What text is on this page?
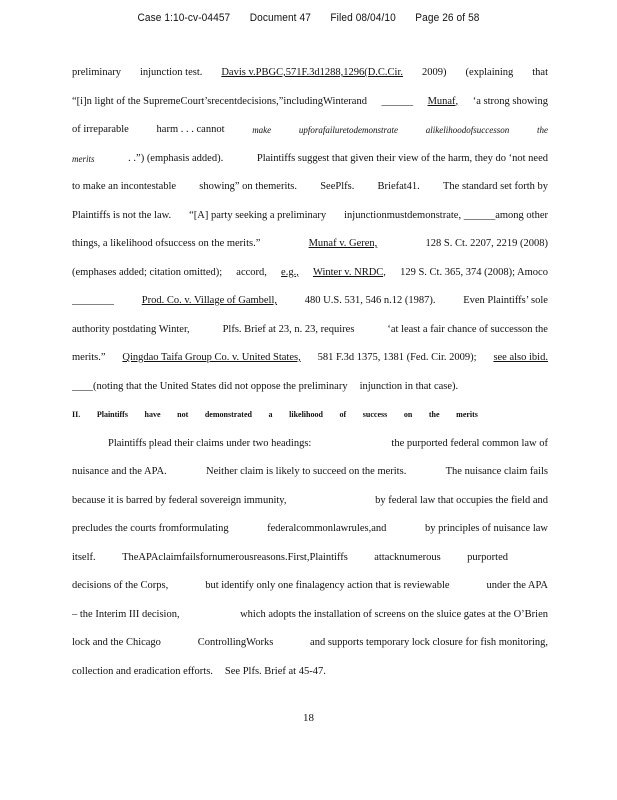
Case 1:10-cv-04457 Document 47 Filed 08/04/10 Page 26 of 58
preliminary injunction test. Davis v.PBGC,571F.3d1288,1296(D.C.Cir. 2009) (explaining that
“[i]n light of the SupremeCourt’srecentdecisions,”includingWinterand ______ Munaf, ‘a strong showing
of irreparable	harm . . . cannot	make	upforafailuretodemonstrate	alikelihoodofsuccesson	the
merits	. .”) (emphasis added).	Plaintiffs suggest that given their view of the harm, they do ‘not need
to make an incontestable showing” on themerits. SeePlfs. Briefat41. The standard set forth by
Plaintiffs is not the law. “[A] party seeking a preliminary injunctionmustdemonstrate, ______among other
things, a likelihood ofsuccess on the merits.”	Munaf v. Geren,	128 S. Ct. 2207, 2219 (2008)
(emphases added; citation omitted); accord, e.g., Winter v. NRDC, 129 S. Ct. 365, 374 (2008); Amoco
________	Prod. Co. v. Village of Gambell,	480 U.S. 531, 546 n.12 (1987).	Even Plaintiffs’ sole
authority postdating Winter,	Plfs. Brief at 23, n. 23, requires	‘at least a fair chance of successon the
merits.” Qingdao Taifa Group Co. v. United States, 581 F.3d 1375, 1381 (Fed. Cir. 2009); see also ibid.
____(noting that the United States did not oppose the preliminary injunction in that case).
II. Plaintiffs have not demonstrated a likelihood of success on the merits
Plaintiffs plead their claims under two headings:	the purported federal common law of
nuisance and the APA.	Neither claim is likely to succeed on the merits.	The nuisance claim fails
because it is barred by federal sovereign immunity,	by federal law that occupies the field and
precludes the courts fromformulating	federalcommonlawrules,and	by principles of nuisance law
itself.	TheAPAclaimfailsfornumerousreasons.First,Plaintiffs	attacknumerous	purported
decisions of the Corps,	but identify only one finalagency action that is reviewable	under the APA
– the Interim III decision,	which adopts the installation of screens on the sluice gates at the O’Brien
lock and the Chicago	ControllingWorks	and supports temporary lock closure for fish monitoring,
collection and eradication efforts. See Plfs. Brief at 45-47.
18
